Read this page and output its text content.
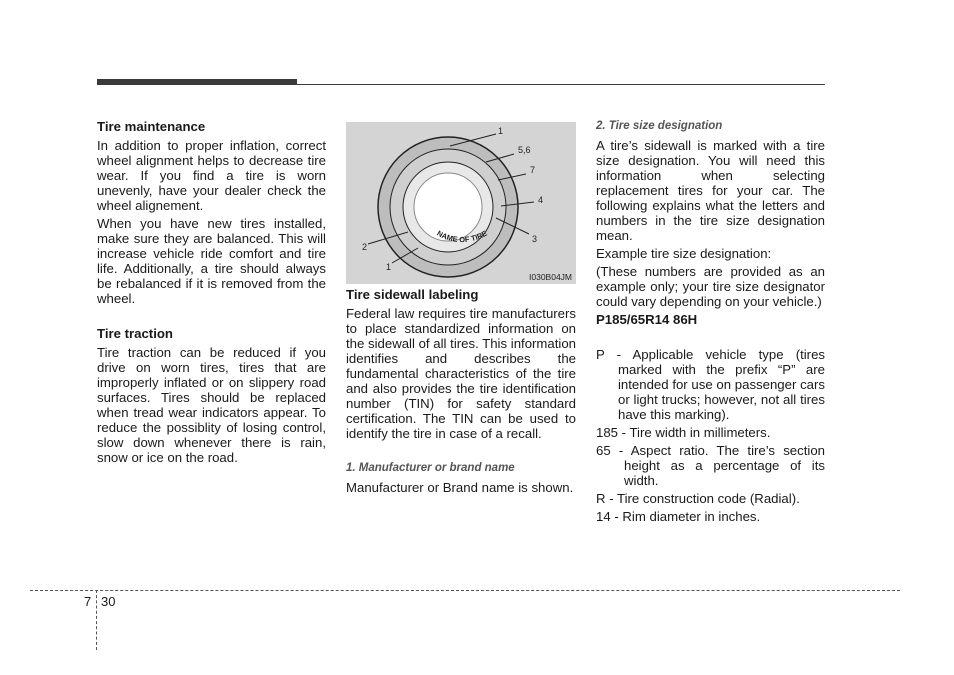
Tire maintenance

In addition to proper inflation, correct wheel alignment helps to decrease tire wear. If you find a tire is worn unevenly, have your dealer check the wheel alignement.

When you have new tires installed, make sure they are balanced. This will increase vehicle ride comfort and tire life. Additionally, a tire should always be rebalanced if it is removed from the wheel.

Tire traction

Tire traction can be reduced if you drive on worn tires, tires that are improperly inflated or on slippery road surfaces. Tires should be replaced when tread wear indicators appear. To reduce the possiblity of losing control, slow down whenever there is rain, snow or ice on the road.

NAME OF TIRE
1
5,6
7
4
3
2
1
I030B04JM
Tire sidewall labeling

Federal law requires tire manufacturers to place standardized information on the sidewall of all tires. This information identifies and describes the fundamental characteristics of the tire and also provides the tire identification number (TIN) for safety standard certification. The TIN can be used to identify the tire in case of a recall.

1. Manufacturer or brand name

Manufacturer or Brand name is shown.

2. Tire size designation

A tire’s sidewall is marked with a tire size designation. You will need this information when selecting replacement tires for your car. The following explains what the letters and numbers in the tire size designation mean.

Example tire size designation:

(These numbers are provided as an example only; your tire size designator could vary depending on your vehicle.)

P185/65R14 86H

P - Applicable vehicle type (tires marked with the prefix “P” are intended for use on passenger cars or light trucks; however, not all tires have this marking).

185 - Tire width in millimeters.

65 - Aspect ratio. The tire’s section height as a percentage of its width.

R - Tire construction code (Radial).

14 - Rim diameter in inches.

7 30
